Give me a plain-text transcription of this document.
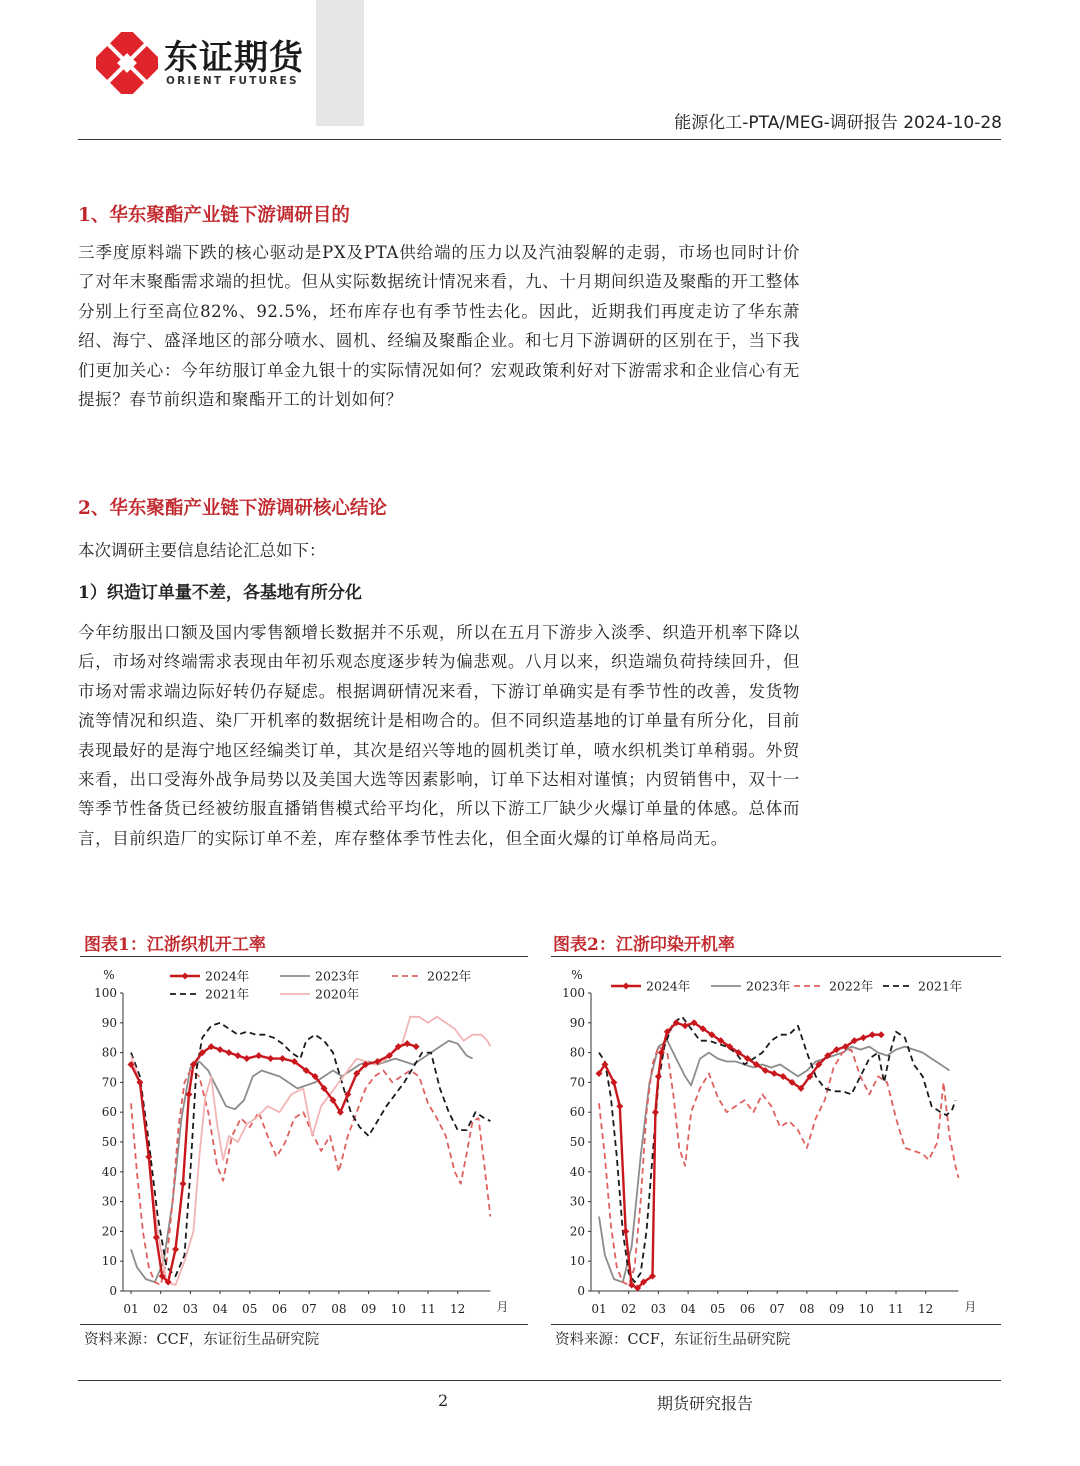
东证期货
ORIENT FUTURES
能源化工-PTA/MEG-调研报告 2024-10-28
1、华东聚酯产业链下游调研目的
三季度原料端下跌的核心驱动是PX及PTA供给端的压力以及汽油裂解的走弱，市场也同时计价了对年末聚酯需求端的担忧。但从实际数据统计情况来看，九、十月期间织造及聚酯的开工整体分别上行至高位82%、92.5%，坯布库存也有季节性去化。因此，近期我们再度走访了华东萧绍、海宁、盛泽地区的部分喷水、圆机、经编及聚酯企业。和七月下游调研的区别在于，当下我们更加关心：今年纺服订单金九银十的实际情况如何？宏观政策利好对下游需求和企业信心有无提振？春节前织造和聚酯开工的计划如何？
2、华东聚酯产业链下游调研核心结论
本次调研主要信息结论汇总如下：
1）织造订单量不差，各基地有所分化
今年纺服出口额及国内零售额增长数据并不乐观，所以在五月下游步入淡季、织造开机率下降以后，市场对终端需求表现由年初乐观态度逐步转为偏悲观。八月以来，织造端负荷持续回升，但市场对需求端边际好转仍存疑虑。根据调研情况来看，下游订单确实是有季节性的改善，发货物流等情况和织造、染厂开机率的数据统计是相吻合的。但不同织造基地的订单量有所分化，目前表现最好的是海宁地区经编类订单，其次是绍兴等地的圆机类订单，喷水织机类订单稍弱。外贸来看，出口受海外战争局势以及美国大选等因素影响，订单下达相对谨慎；内贸销售中，双十一等季节性备货已经被纺服直播销售模式给平均化，所以下游工厂缺少火爆订单量的体感。总体而言，目前织造厂的实际订单不差，库存整体季节性去化，但全面火爆的订单格局尚无。
图表1：江浙织机开工率
0
10
20
30
40
50
60
70
80
90
100
%
01 02 03 04 05 06 07 08 09 10 11 12	月
2024年	2023年	2022年
2021年	2020年
资料来源：CCF，东证衍生品研究院
图表2：江浙印染开机率
0
10
20
30
40
50
60
70
80
90
100
%
01 02 03 04 05 06 07 08 09 10 11 12	月
2024年	2023年	2022年	2021年
资料来源：CCF，东证衍生品研究院
2	期货研究报告
